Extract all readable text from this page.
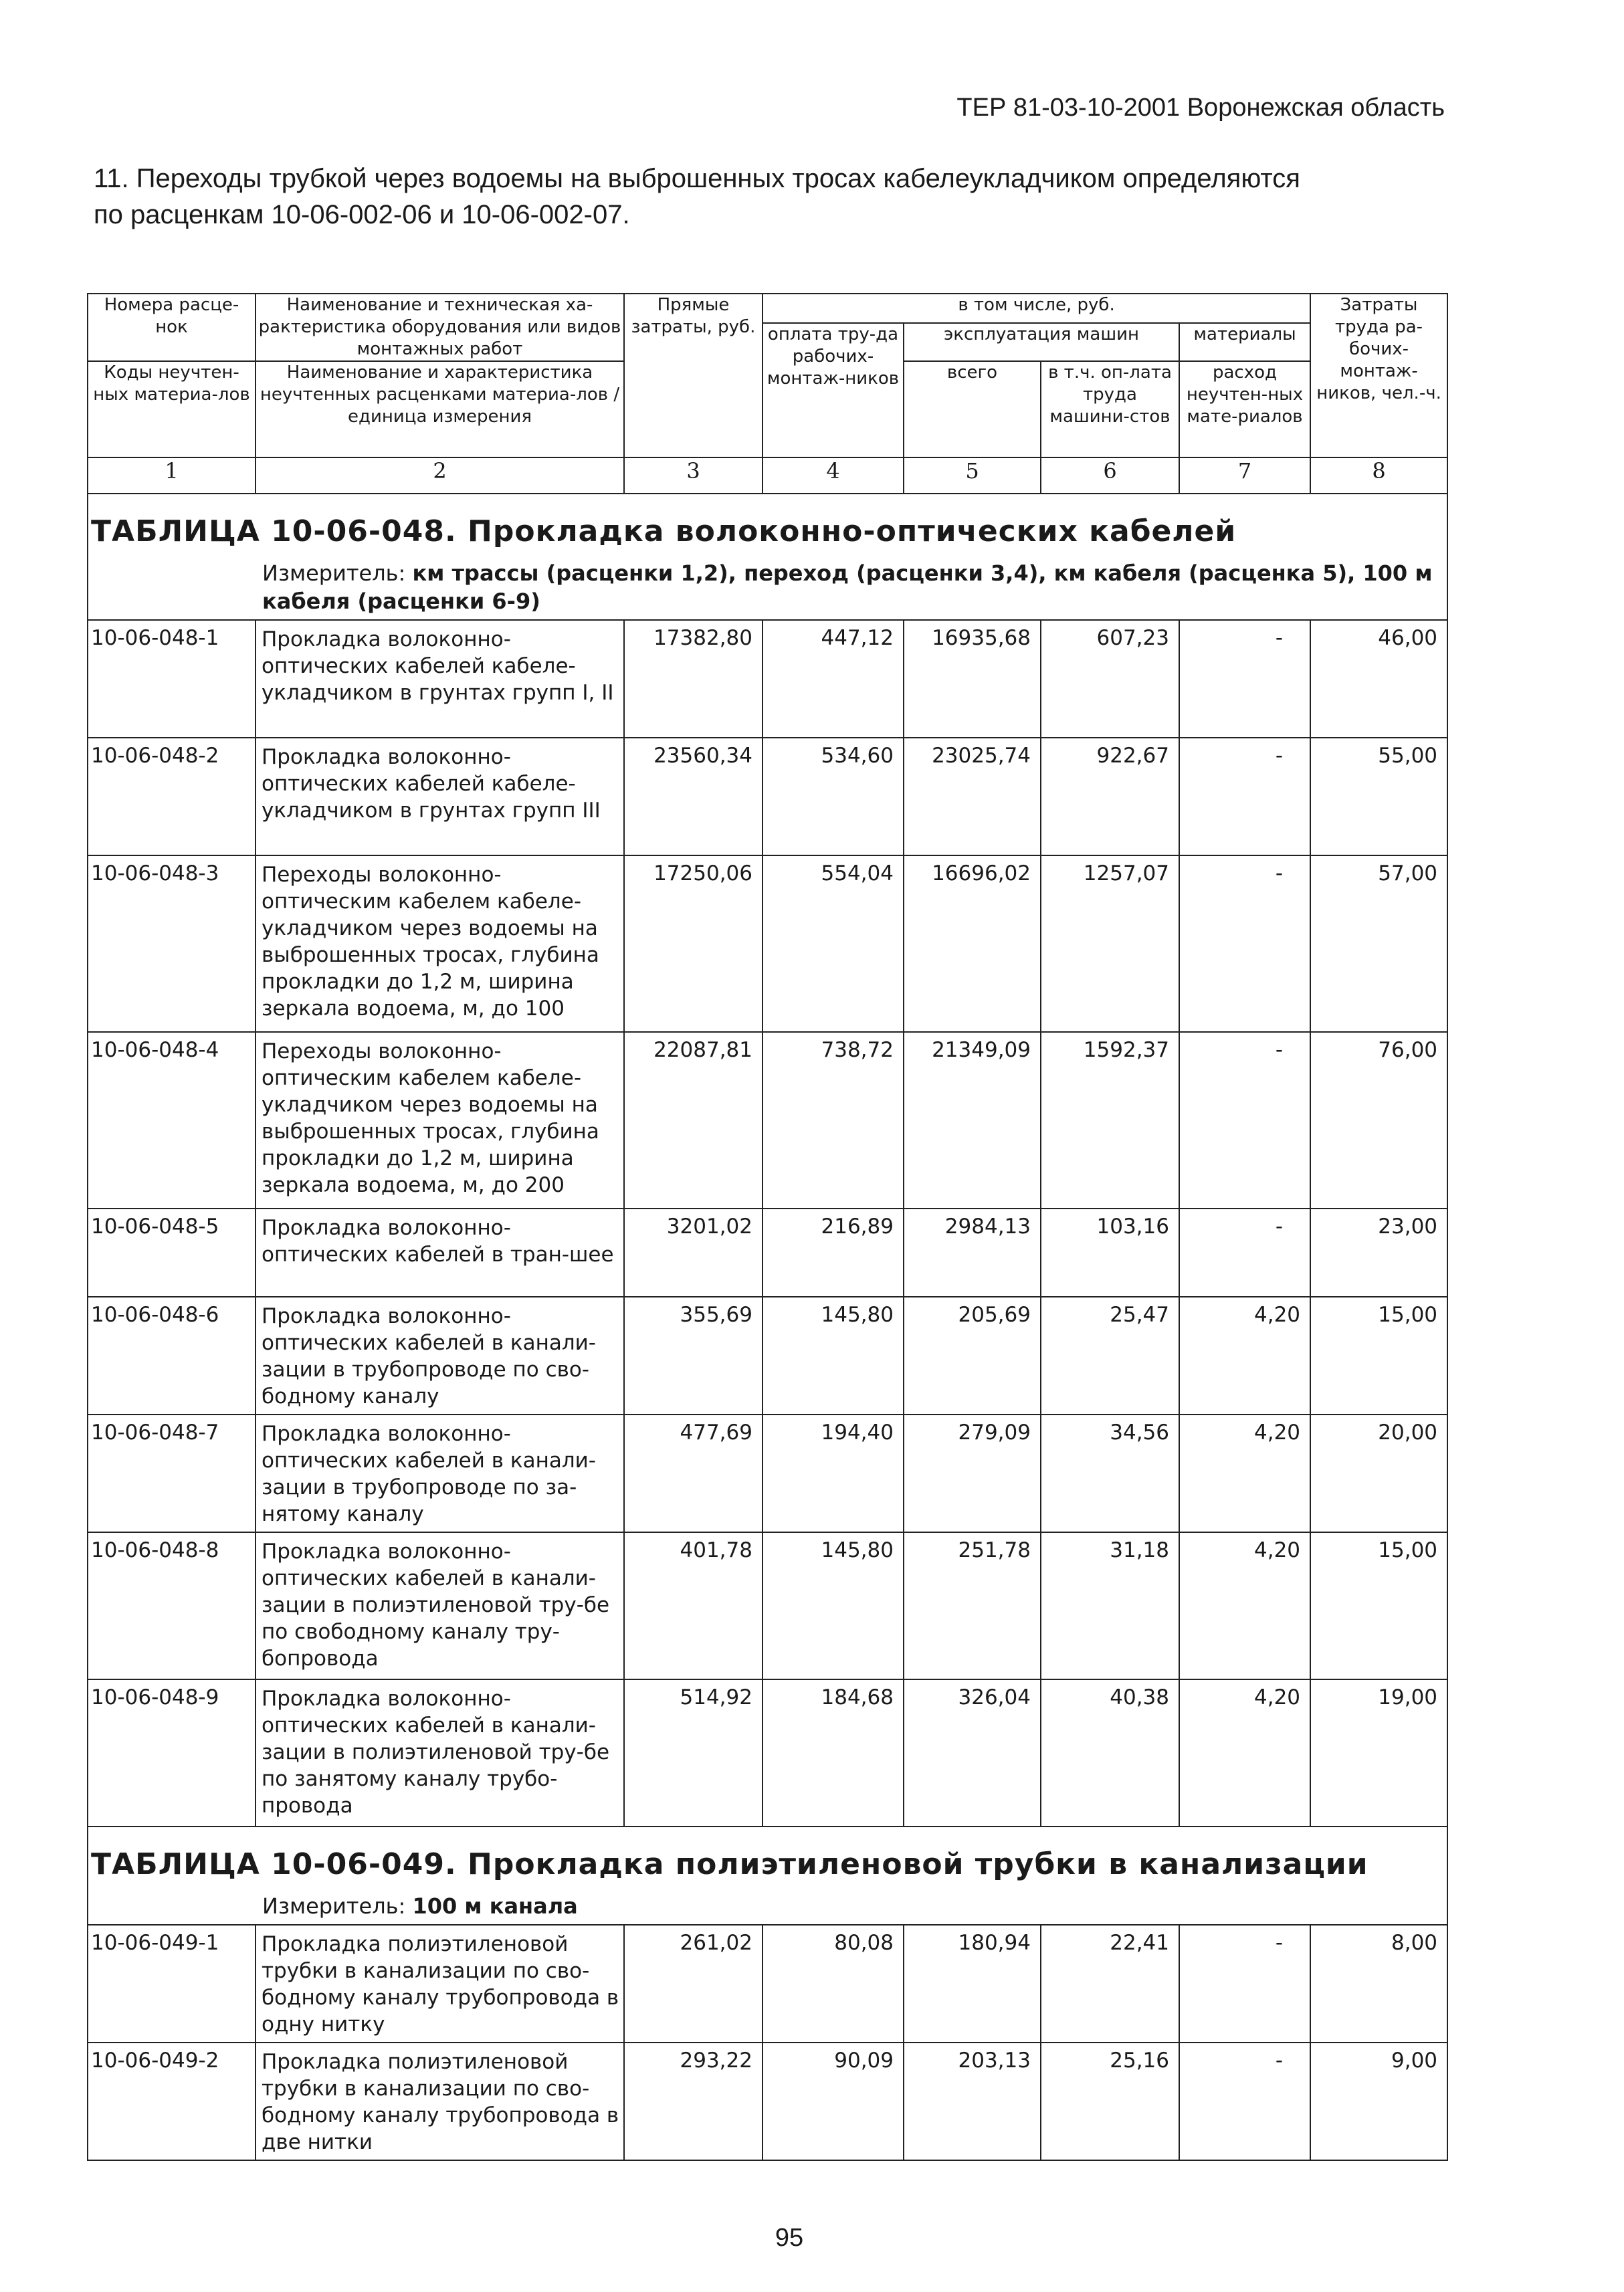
ТЕР 81-03-10-2001 Воронежская область
11. Переходы трубкой через водоемы на выброшенных тросах кабелеукладчиком определяются
по расценкам 10-06-002-06 и 10-06-002-07.
Номера расце-нок	Наименование и техническая ха-рактеристика оборудования или видов монтажных работ	Прямые затраты, руб.	в том числе, руб.				Затраты труда ра-бочих-монтаж-ников, чел.-ч.
			оплата тру-да рабочих-монтаж-ников	эксплуатация машин		материалы	
Коды неучтен-ных материа-лов	Наименование и характеристика неучтенных расценками материа-лов / единица измерения			всего	в т.ч. оп-лата труда машини-стов	расход неучтен-ных мате-риалов	

1	2	3	4	5	6	7	8
ТАБЛИЦА 10-06-048. Прокладка волоконно-оптических кабелей							
	Измеритель: км трассы (расценки 1,2), переход (расценки 3,4), км кабеля (расценка 5), 100 м кабеля (расценки 6-9)						
10-06-048-1	Прокладка волоконно-оптических кабелей кабеле-укладчиком в грунтах групп I, II	17382,80	447,12	16935,68	607,23	-	46,00
10-06-048-2	Прокладка волоконно-оптических кабелей кабеле-укладчиком в грунтах групп III	23560,34	534,60	23025,74	922,67	-	55,00
10-06-048-3	Переходы волоконно-оптическим кабелем кабеле-укладчиком через водоемы на выброшенных тросах, глубина прокладки до 1,2 м, ширина зеркала водоема, м, до 100	17250,06	554,04	16696,02	1257,07	-	57,00
10-06-048-4	Переходы волоконно-оптическим кабелем кабеле-укладчиком через водоемы на выброшенных тросах, глубина прокладки до 1,2 м, ширина зеркала водоема, м, до 200	22087,81	738,72	21349,09	1592,37	-	76,00
10-06-048-5	Прокладка волоконно-оптических кабелей в тран-шее	3201,02	216,89	2984,13	103,16	-	23,00
10-06-048-6	Прокладка волоконно-оптических кабелей в канали-зации в трубопроводе по сво-бодному каналу	355,69	145,80	205,69	25,47	4,20	15,00
10-06-048-7	Прокладка волоконно-оптических кабелей в канали-зации в трубопроводе по за-нятому каналу	477,69	194,40	279,09	34,56	4,20	20,00
10-06-048-8	Прокладка волоконно-оптических кабелей в канали-зации в полиэтиленовой тру-бе по свободному каналу тру-бопровода	401,78	145,80	251,78	31,18	4,20	15,00
10-06-048-9	Прокладка волоконно-оптических кабелей в канали-зации в полиэтиленовой тру-бе по занятому каналу трубо-провода	514,92	184,68	326,04	40,38	4,20	19,00
ТАБЛИЦА 10-06-049. Прокладка полиэтиленовой трубки в канализации							
	Измеритель: 100 м канала						
10-06-049-1	Прокладка полиэтиленовой трубки в канализации по сво-бодному каналу трубопровода в одну нитку	261,02	80,08	180,94	22,41	-	8,00
10-06-049-2	Прокладка полиэтиленовой трубки в канализации по сво-бодному каналу трубопровода в две нитки	293,22	90,09	203,13	25,16	-	9,00
95
